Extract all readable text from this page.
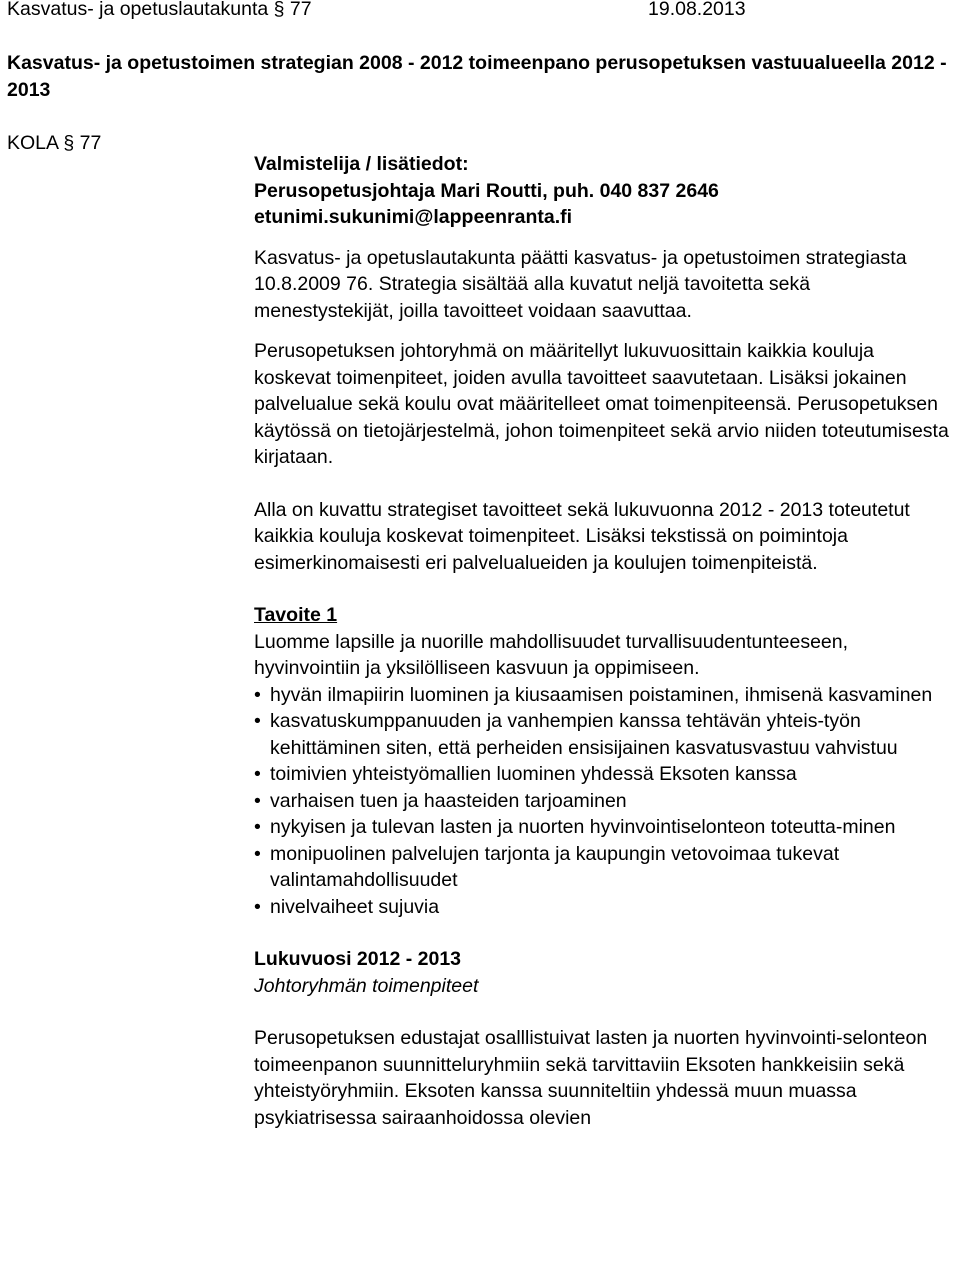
Kasvatus- ja opetuslautakunta § 77	19.08.2013
Kasvatus- ja opetustoimen strategian 2008 - 2012 toimeenpano perusopetuksen vastuualueella 2012 - 2013
KOLA § 77

Valmistelija / lisätiedot:

Perusopetusjohtaja Mari Routti, puh. 040 837 2646

etunimi.sukunimi@lappeenranta.fi

Kasvatus- ja opetuslautakunta päätti kasvatus- ja opetustoimen strategiasta 10.8.2009 76. Strategia sisältää alla kuvatut neljä tavoitetta sekä menestystekijät, joilla tavoitteet voidaan saavuttaa.

Perusopetuksen johtoryhmä on määritellyt lukuvuosittain kaikkia kouluja koskevat toimenpiteet, joiden avulla tavoitteet saavutetaan. Lisäksi jokainen palvelualue sekä koulu ovat määritelleet omat toimenpiteensä. Perusopetuksen käytössä on tietojärjestelmä, johon toimenpiteet sekä arvio niiden toteutumisesta kirjataan.

Alla on kuvattu strategiset tavoitteet sekä lukuvuonna 2012 - 2013 toteutetut kaikkia kouluja koskevat toimenpiteet. Lisäksi tekstissä on poimintoja esimerkinomaisesti eri palvelualueiden ja koulujen toimenpiteistä.

Tavoite 1

Luomme lapsille ja nuorille mahdollisuudet turvallisuudentunteeseen, hyvinvointiin ja yksilölliseen kasvuun ja oppimiseen.

• hyvän ilmapiirin luominen ja kiusaamisen poistaminen, ihmisenä kasvaminen
• kasvatuskumppanuuden ja vanhempien kanssa tehtävän yhteis-työn kehittäminen siten, että perheiden ensisijainen kasvatusvastuu vahvistuu
• toimivien yhteistyömallien luominen yhdessä Eksoten kanssa
• varhaisen tuen ja haasteiden tarjoaminen
• nykyisen ja tulevan lasten ja nuorten hyvinvointiselonteon toteutta-minen
• monipuolinen palvelujen tarjonta ja kaupungin vetovoimaa tukevat valintamahdollisuudet
• nivelvaiheet sujuvia

Lukuvuosi 2012 - 2013

Johtoryhmän toimenpiteet

Perusopetuksen edustajat osalllistuivat lasten ja nuorten hyvinvointi-selonteon toimeenpanon suunnitteluryhmiin sekä tarvittaviin Eksoten hankkeisiin sekä yhteistyöryhmiin. Eksoten kanssa suunniteltiin yhdessä muun muassa psykiatrisessa sairaanhoidossa olevien
